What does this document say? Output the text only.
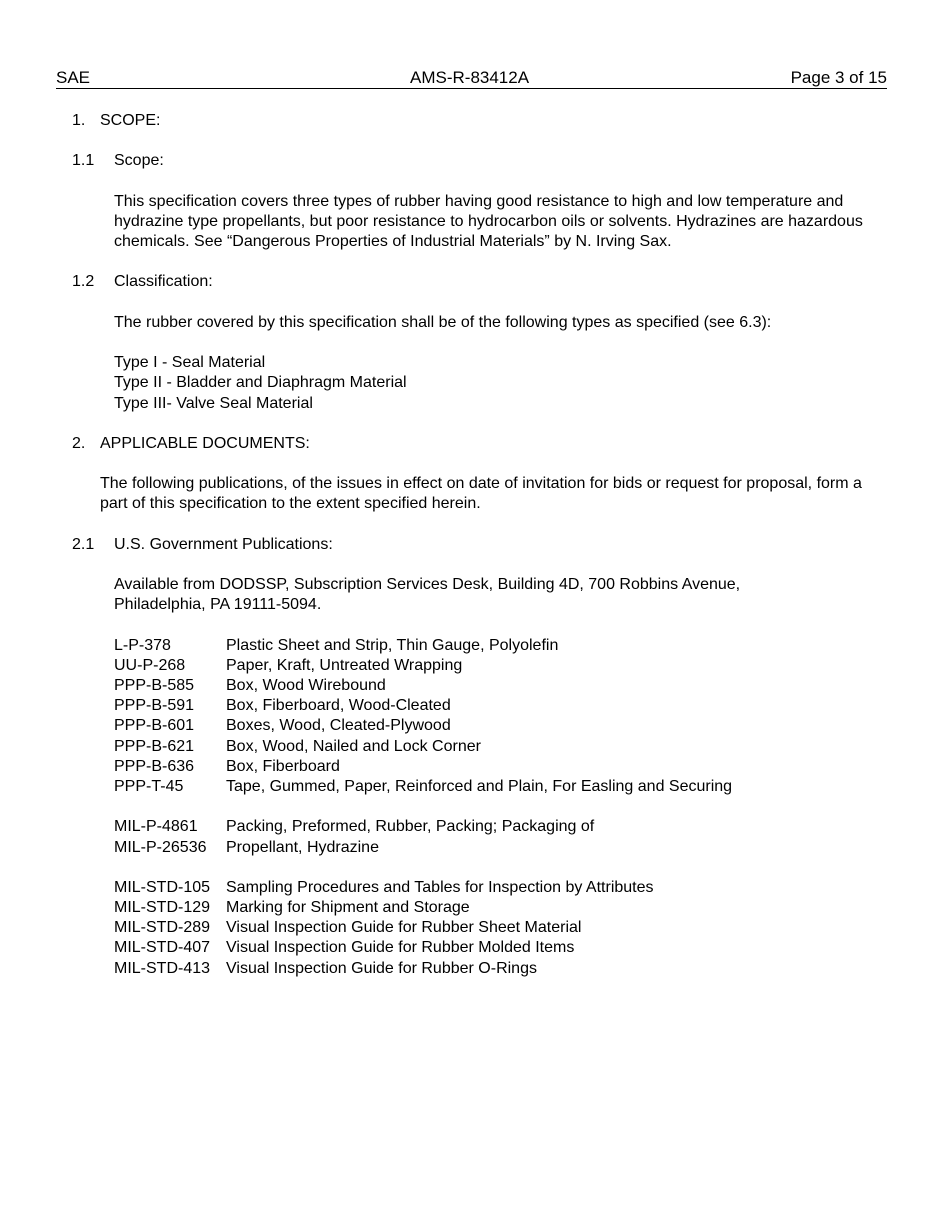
SAE	AMS-R-83412A	Page 3 of 15
1. SCOPE:
1.1 Scope:
This specification covers three types of rubber having good resistance to high and low temperature and hydrazine type propellants, but poor resistance to hydrocarbon oils or solvents. Hydrazines are hazardous chemicals. See “Dangerous Properties of Industrial Materials” by N. Irving Sax.
1.2 Classification:
The rubber covered by this specification shall be of the following types as specified (see 6.3):
Type I - Seal Material
Type II - Bladder and Diaphragm Material
Type III- Valve Seal Material
2. APPLICABLE DOCUMENTS:
The following publications, of the issues in effect on date of invitation for bids or request for proposal, form a part of this specification to the extent specified herein.
2.1 U.S. Government Publications:
Available from DODSSP, Subscription Services Desk, Building 4D, 700 Robbins Avenue, Philadelphia, PA 19111-5094.
L-P-378	Plastic Sheet and Strip, Thin Gauge, Polyolefin
UU-P-268	Paper, Kraft, Untreated Wrapping
PPP-B-585 Box, Wood Wirebound
PPP-B-591 Box, Fiberboard, Wood-Cleated
PPP-B-601 Boxes, Wood, Cleated-Plywood
PPP-B-621 Box, Wood, Nailed and Lock Corner
PPP-B-636 Box, Fiberboard
PPP-T-45	Tape, Gummed, Paper, Reinforced and Plain, For Easling and Securing
MIL-P-4861 Packing, Preformed, Rubber, Packing; Packaging of
MIL-P-26536 Propellant, Hydrazine
MIL-STD-105 Sampling Procedures and Tables for Inspection by Attributes
MIL-STD-129 Marking for Shipment and Storage
MIL-STD-289 Visual Inspection Guide for Rubber Sheet Material
MIL-STD-407 Visual Inspection Guide for Rubber Molded Items
MIL-STD-413 Visual Inspection Guide for Rubber O-Rings
